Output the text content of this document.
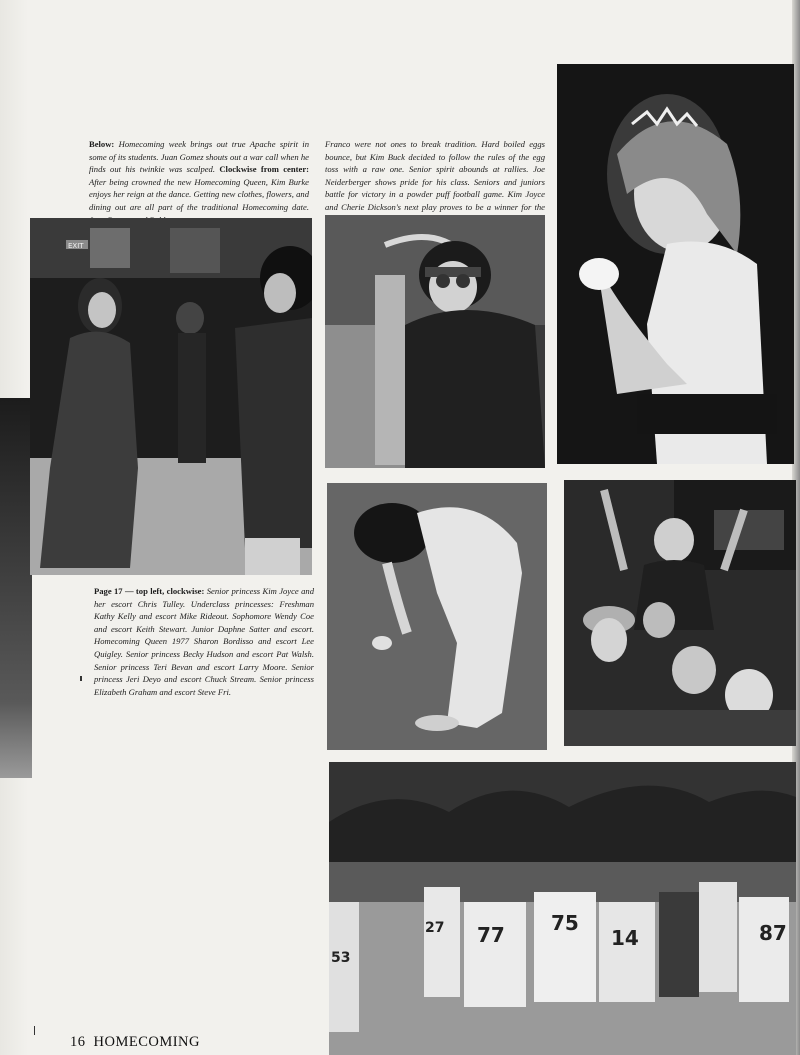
Below: Homecoming week brings out true Apache spirit in some of its students. Juan Gomez shouts out a war call when he finds out his twinkie was scalped. Clockwise from center: After being crowned the new Homecoming Queen, Kim Burke enjoys her reign at the dance. Getting new clothes, flowers, and dining out are all part of the traditional Homecoming date.

Franco were not ones to break tradition. Hard boiled eggs bounce, but Kim Buck decided to follow the rules of the egg toss with a raw one. Senior spirit abounds at rallies. Joe Neiderberger shows pride for his class. Seniors and juniors battle for victory in a powder puff football game. Kim Joyce and Cherie Dickson's next play proves to be a winner for the

EXIT
53
27 77 75
14	87

Page 17 — top left, clockwise: Senior princess Kim Joyce and her escort Chris Tulley. Underclass princesses: Freshman Kathy Kelly and escort Mike Rideout. Sophomore Wendy Coe and escort Keith Stewart. Junior Daphne Satter and escort. Homecoming Queen 1977 Sharon Bordisso and escort Lee Quigley. Senior princess Becky Hudson and escort Pat Walsh. Senior princess Teri Bevan and escort Larry Moore. Senior princess Jeri Deyo and escort Chuck Stream. Senior princess Elizabeth Graham and escort Steve Fri.

16 HOMECOMING
